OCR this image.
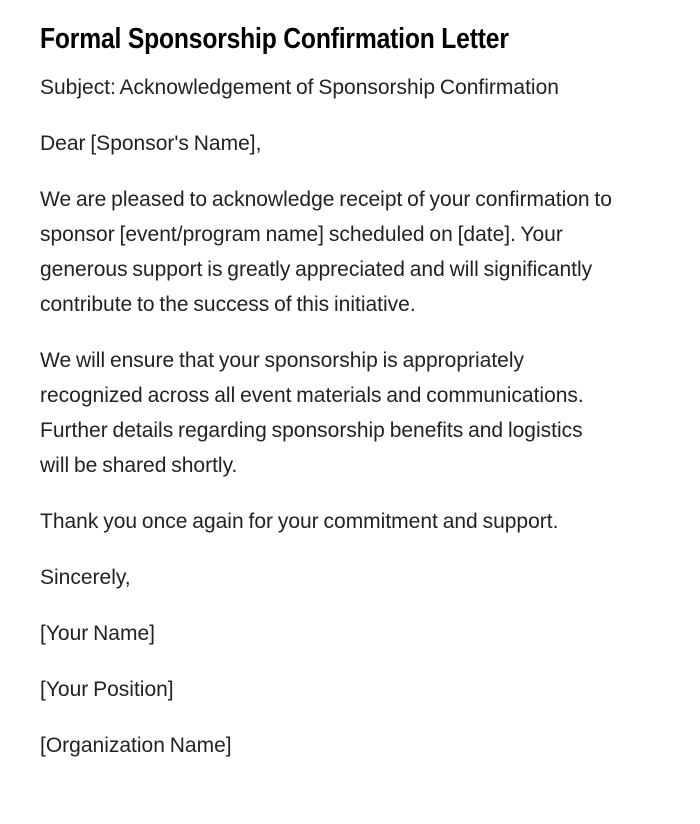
Formal Sponsorship Confirmation Letter

Subject: Acknowledgement of Sponsorship Confirmation

Dear [Sponsor's Name],

We are pleased to acknowledge receipt of your confirmation to sponsor [event/program name] scheduled on [date]. Your generous support is greatly appreciated and will significantly contribute to the success of this initiative.

We will ensure that your sponsorship is appropriately recognized across all event materials and communications. Further details regarding sponsorship benefits and logistics will be shared shortly.

Thank you once again for your commitment and support.

Sincerely,

[Your Name]

[Your Position]

[Organization Name]
